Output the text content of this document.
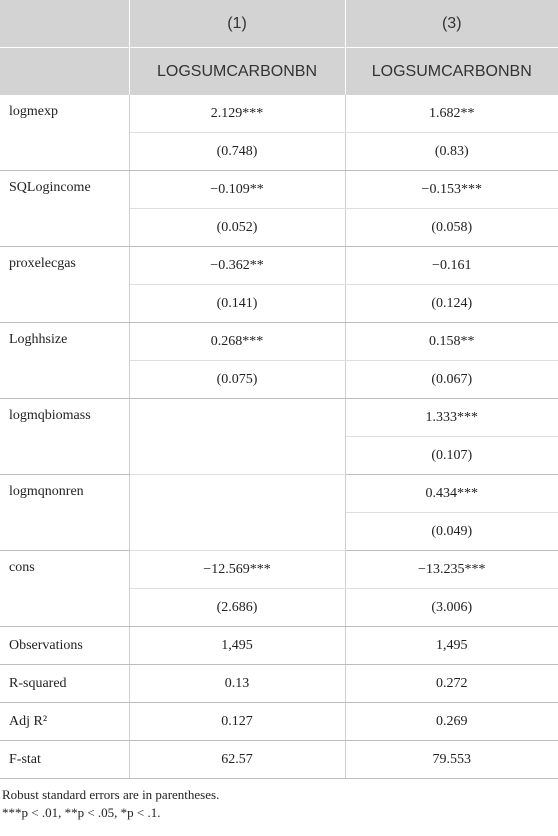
	(1)	(3)
	LOGSUMCARBONBN	LOGSUMCARBONBN
logmexp	2.129***	1.682**
	(0.748)	(0.83)
SQLogincome	−0.109**	−0.153***
	(0.052)	(0.058)
proxelecgas	−0.362**	−0.161
	(0.141)	(0.124)
Loghhsize	0.268***	0.158**
	(0.075)	(0.067)
logmqbiomass		1.333***
		(0.107)
logmqnonren		0.434***
		(0.049)
cons	−12.569***	−13.235***
	(2.686)	(3.006)
Observations	1,495	1,495
R-squared	0.13	0.272
Adj R²	0.127	0.269
F-stat	62.57	79.553
Robust standard errors are in parentheses.
***p < .01, **p < .05, *p < .1.
